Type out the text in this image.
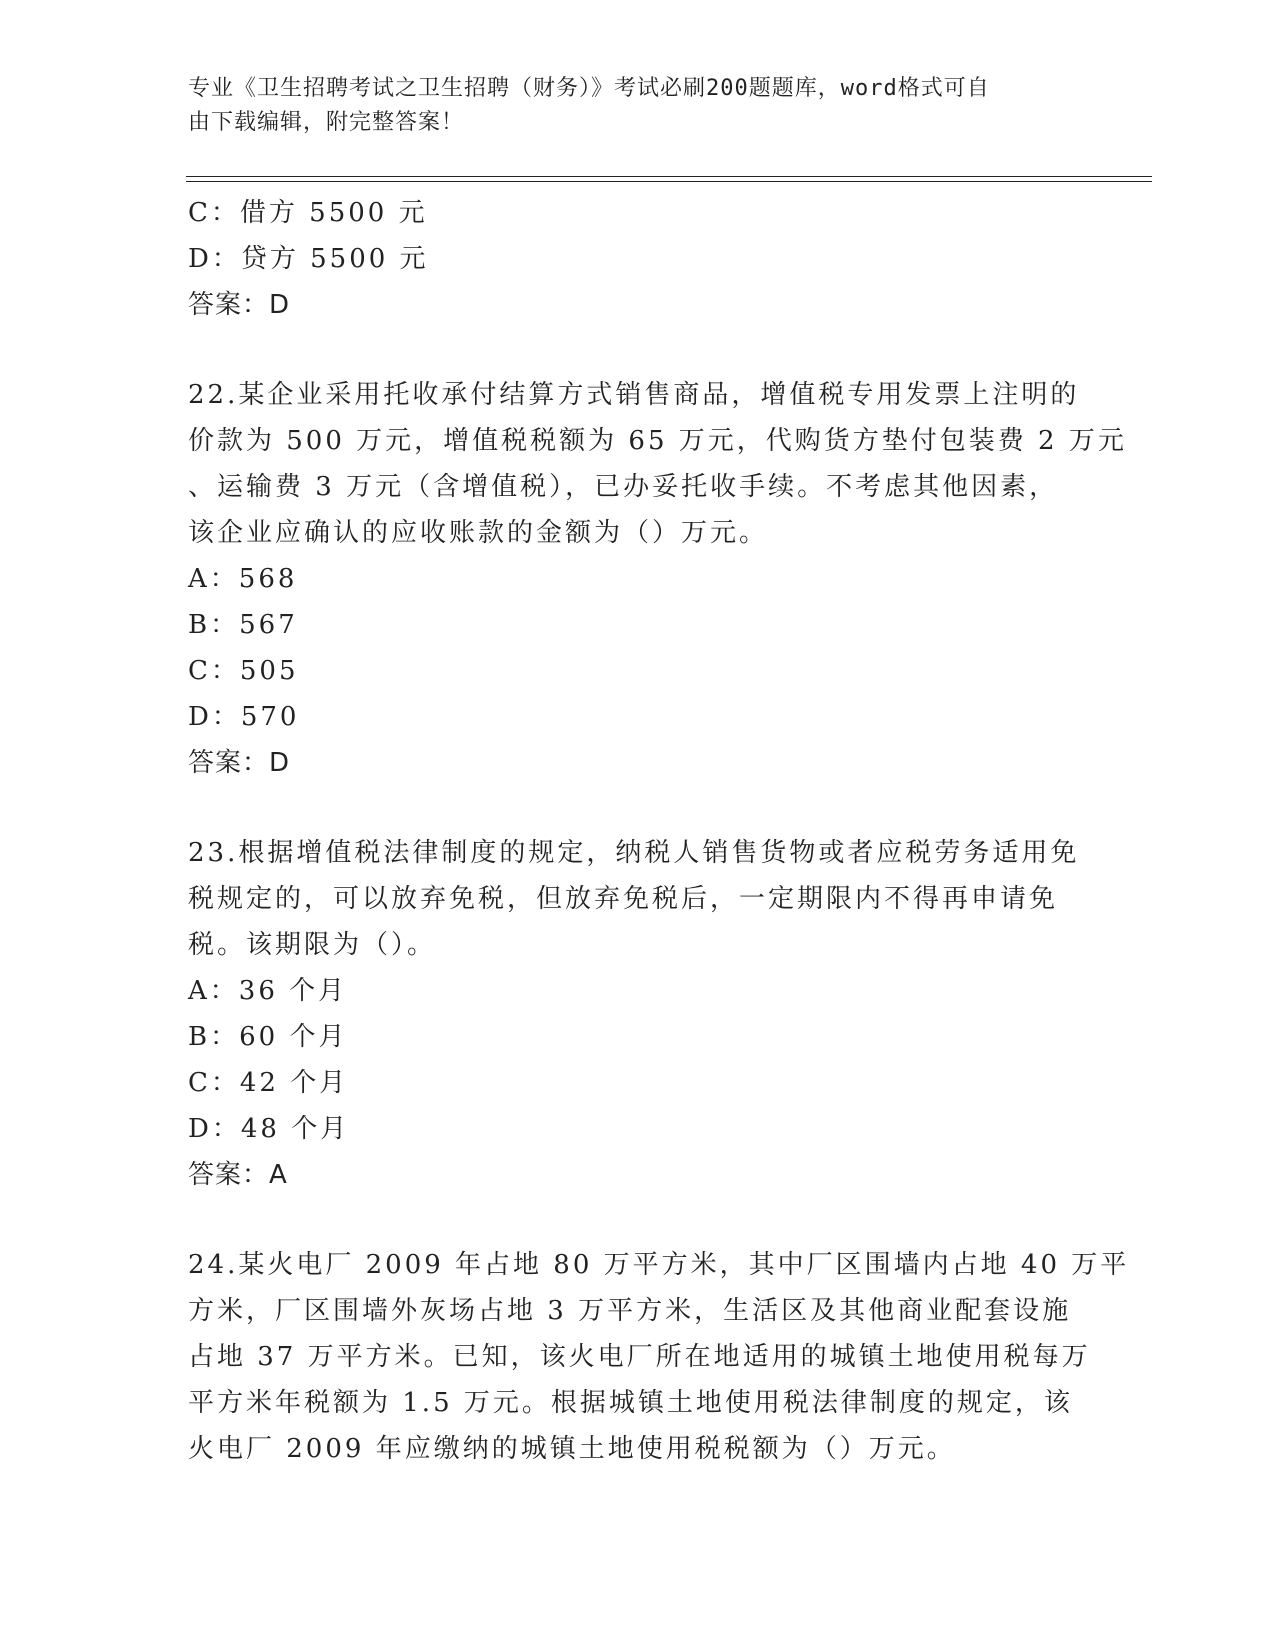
专业《卫生招聘考试之卫生招聘（财务）》考试必刷200题题库，word格式可自
由下载编辑，附完整答案！
C：借方 5500 元
D：贷方 5500 元
答案：D
22.某企业采用托收承付结算方式销售商品，增值税专用发票上注明的
价款为 500 万元，增值税税额为 65 万元，代购货方垫付包装费 2 万元
、运输费 3 万元（含增值税），已办妥托收手续。不考虑其他因素，
该企业应确认的应收账款的金额为（）万元。
A：568
B：567
C：505
D：570
答案：D
23.根据增值税法律制度的规定，纳税人销售货物或者应税劳务适用免
税规定的，可以放弃免税，但放弃免税后，一定期限内不得再申请免
税。该期限为（）。
A：36 个月
B：60 个月
C：42 个月
D：48 个月
答案：A
24.某火电厂 2009 年占地 80 万平方米，其中厂区围墙内占地 40 万平
方米，厂区围墙外灰场占地 3 万平方米，生活区及其他商业配套设施
占地 37 万平方米。已知，该火电厂所在地适用的城镇土地使用税每万
平方米年税额为 1.5 万元。根据城镇土地使用税法律制度的规定，该
火电厂 2009 年应缴纳的城镇土地使用税税额为（）万元。
